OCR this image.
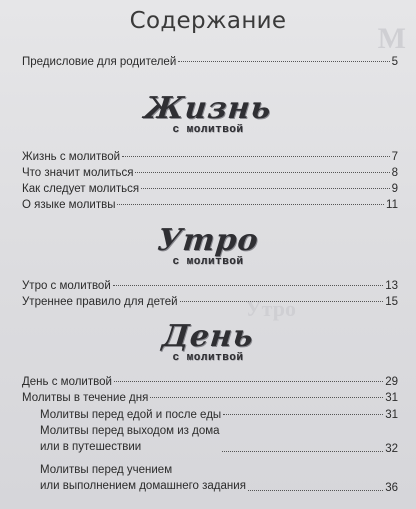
М
Утро
Содержание
Предисловие для родителей	5
Жизнь
с молитвой
Жизнь с молитвой	7
Что значит молиться	8
Как следует молиться	9
О языке молитвы	11
Утро
с молитвой
Утро с молитвой	13
Утреннее правило для детей	15
День
с молитвой
День с молитвой	29
Молитвы в течение дня	31
Молитвы перед едой и после еды	31
Молитвы перед выходом из дома
или в путешествии	32
Молитвы перед учением
или выполнением домашнего задания	36
